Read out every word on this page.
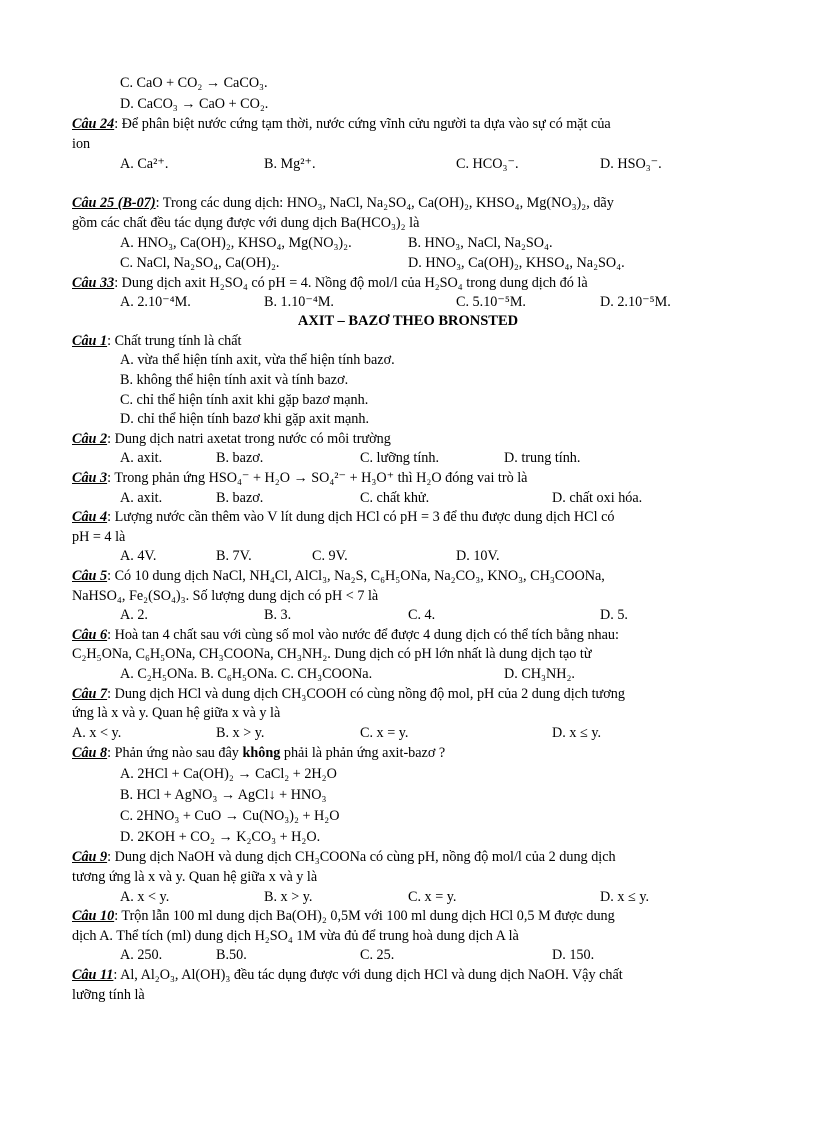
C. CaO + CO₂ → CaCO₃.
D. CaCO₃ → CaO + CO₂.
Câu 24: Để phân biệt nước cứng tạm thời, nước cứng vĩnh cửu người ta dựa vào sự có mặt của
ion
A. Ca²⁺.	B. Mg²⁺.	C. HCO₃⁻.	D. HSO₃⁻.
Câu 25 (B-07): Trong các dung dịch: HNO₃, NaCl, Na₂SO₄, Ca(OH)₂, KHSO₄, Mg(NO₃)₂, dãy
gồm các chất đều tác dụng được với dung dịch Ba(HCO₃)₂ là
A. HNO₃, Ca(OH)₂, KHSO₄, Mg(NO₃)₂.	B. HNO₃, NaCl, Na₂SO₄.
C. NaCl, Na₂SO₄, Ca(OH)₂.	D. HNO₃, Ca(OH)₂, KHSO₄, Na₂SO₄.
Câu 33: Dung dịch axit H₂SO₄ có pH = 4. Nồng độ mol/l của H₂SO₄ trong dung dịch đó là
A. 2.10⁻⁴M.	B. 1.10⁻⁴M.	C. 5.10⁻⁵M.	D. 2.10⁻⁵M.
AXIT – BAZƠ THEO BRONSTED
Câu 1: Chất trung tính là chất
A. vừa thể hiện tính axit, vừa thể hiện tính bazơ.
B. không thể hiện tính axit và tính bazơ.
C. chỉ thể hiện tính axit khi gặp bazơ mạnh.
D. chỉ thể hiện tính bazơ khi gặp axit mạnh.
Câu 2: Dung dịch natri axetat trong nước có môi trường
A. axit.	B. bazơ.	C. lưỡng tính.	D. trung tính.
Câu 3: Trong phản ứng HSO₄⁻ + H₂O → SO₄²⁻ + H₃O⁺ thì H₂O đóng vai trò là
A. axit.	B. bazơ.	C. chất khử.	D. chất oxi hóa.
Câu 4: Lượng nước cần thêm vào V lít dung dịch HCl có pH = 3 để thu được dung dịch HCl có
pH = 4 là
A. 4V.	B. 7V.	C. 9V.	D. 10V.
Câu 5: Có 10 dung dịch NaCl, NH₄Cl, AlCl₃, Na₂S, C₆H₅ONa, Na₂CO₃, KNO₃, CH₃COONa,
NaHSO₄, Fe₂(SO₄)₃. Số lượng dung dịch có pH < 7 là
A. 2.	B. 3.	C. 4.	D. 5.
Câu 6: Hoà tan 4 chất sau với cùng số mol vào nước để được 4 dung dịch có thể tích bằng nhau:
C₂H₅ONa, C₆H₅ONa, CH₃COONa, CH₃NH₂. Dung dịch có pH lớn nhất là dung dịch tạo từ
A. C₂H₅ONa. B. C₆H₅ONa. C. CH₃COONa.	D. CH₃NH₂.
Câu 7: Dung dịch HCl và dung dịch CH₃COOH có cùng nồng độ mol, pH của 2 dung dịch tương
ứng là x và y. Quan hệ giữa x và y là
A. x < y.	B. x > y.	C. x = y.	D. x ≤ y.
Câu 8: Phản ứng nào sau đây không phải là phản ứng axit-bazơ ?
A. 2HCl + Ca(OH)₂ → CaCl₂ + 2H₂O
B. HCl + AgNO₃ → AgCl↓ + HNO₃
C. 2HNO₃ + CuO → Cu(NO₃)₂ + H₂O
D. 2KOH + CO₂ → K₂CO₃ + H₂O.
Câu 9: Dung dịch NaOH và dung dịch CH₃COONa có cùng pH, nồng độ mol/l của 2 dung dịch
tương ứng là x và y. Quan hệ giữa x và y là
A. x < y.	B. x > y.	C. x = y.	D. x ≤ y.
Câu 10: Trộn lẫn 100 ml dung dịch Ba(OH)₂ 0,5M với 100 ml dung dịch HCl 0,5 M được dung
dịch A. Thể tích (ml) dung dịch H₂SO₄ 1M vừa đủ để trung hoà dung dịch A là
A. 250.	B.50.	C. 25.	D. 150.
Câu 11: Al, Al₂O₃, Al(OH)₃ đều tác dụng được với dung dịch HCl và dung dịch NaOH. Vậy chất
lưỡng tính là
